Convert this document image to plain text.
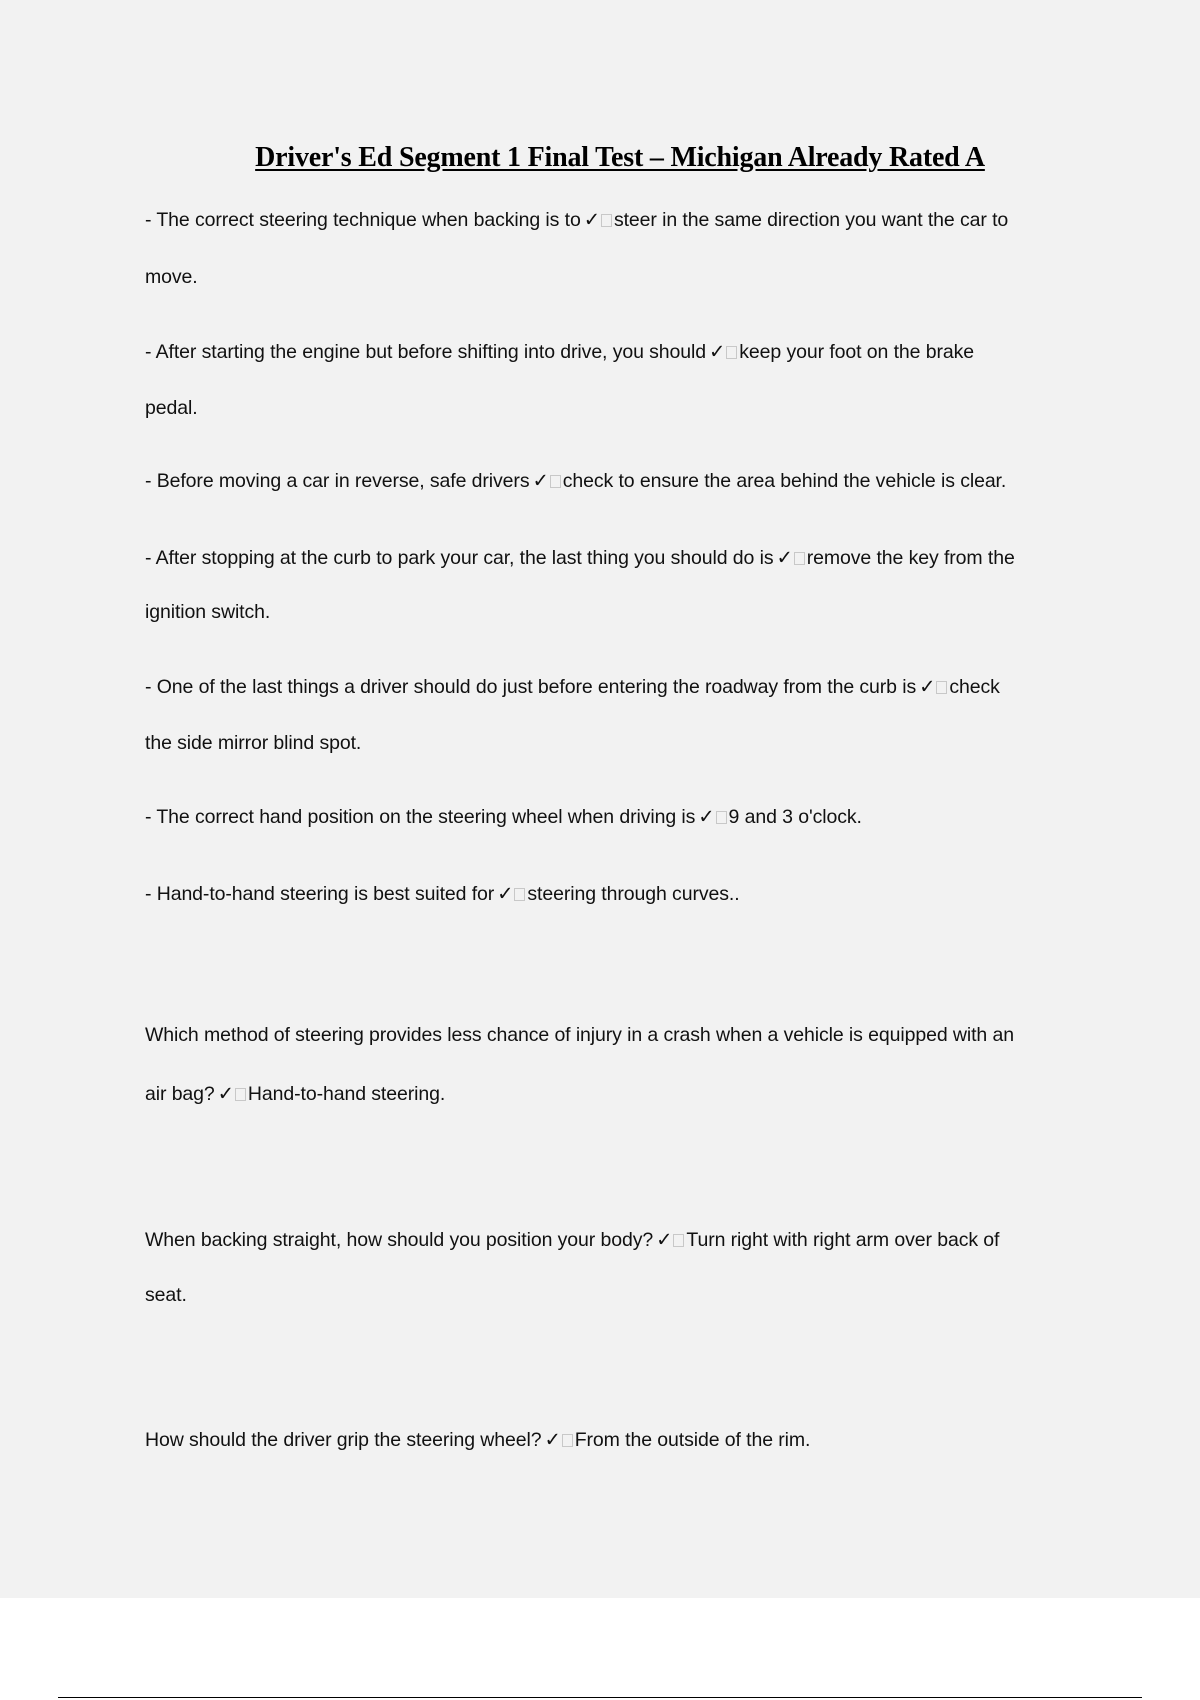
Driver's Ed Segment 1 Final Test – Michigan Already Rated A
- The correct steering technique when backing is to ✓ steer in the same direction you want the car to
move.
- After starting the engine but before shifting into drive, you should ✓ keep your foot on the brake
pedal.
- Before moving a car in reverse, safe drivers ✓ check to ensure the area behind the vehicle is clear.
- After stopping at the curb to park your car, the last thing you should do is ✓ remove the key from the
ignition switch.
- One of the last things a driver should do just before entering the roadway from the curb is ✓ check
the side mirror blind spot.
- The correct hand position on the steering wheel when driving is ✓ 9 and 3 o'clock.
- Hand-to-hand steering is best suited for ✓ steering through curves..
Which method of steering provides less chance of injury in a crash when a vehicle is equipped with an
air bag? ✓ Hand-to-hand steering.
When backing straight, how should you position your body? ✓ Turn right with right arm over back of
seat.
How should the driver grip the steering wheel? ✓ From the outside of the rim.
